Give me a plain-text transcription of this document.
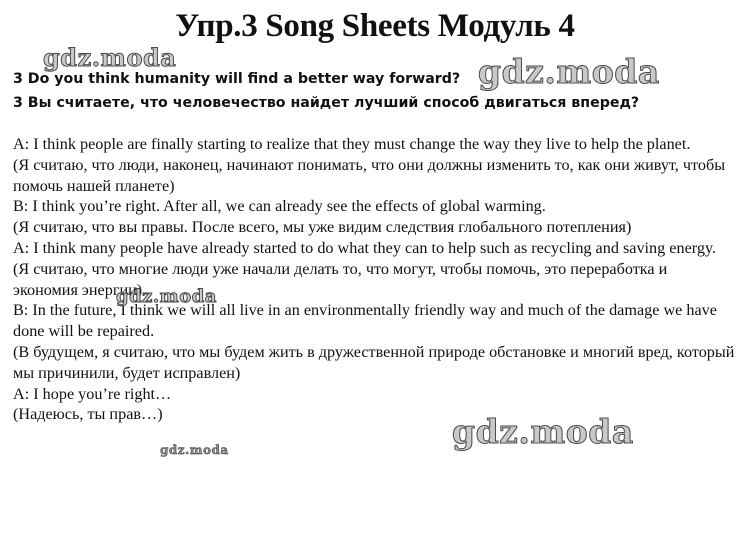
Упр.3 Song Sheets Модуль 4
3 Do you think humanity will find a better way forward?
3 Вы считаете, что человечество найдет лучший способ двигаться вперед?

A: I think people are finally starting to realize that they must change the way they live to help the planet.

(Я считаю, что люди, наконец, начинают понимать, что они должны изменить то, как они живут, чтобы помочь нашей планете)

B: I think you’re right. After all, we can already see the effects of global warming.

(Я считаю, что вы правы. После всего, мы уже видим следствия глобального потепления)

A: I think many people have already started to do what they can to help such as recycling and saving energy.

(Я считаю, что многие люди уже начали делать то, что могут, чтобы помочь, это переработка и экономия энергии)

B: In the future, I think we will all live in an environmentally friendly way and much of the damage we have done will be repaired.

(В будущем, я считаю, что мы будем жить в дружественной природе обстановке и многий вред, который мы причинили, будет исправлен)

A: I hope you’re right…

(Надеюсь, ты прав…)

gdz.moda	gdz.moda
gdz.moda
gdz.moda
gdz.moda
